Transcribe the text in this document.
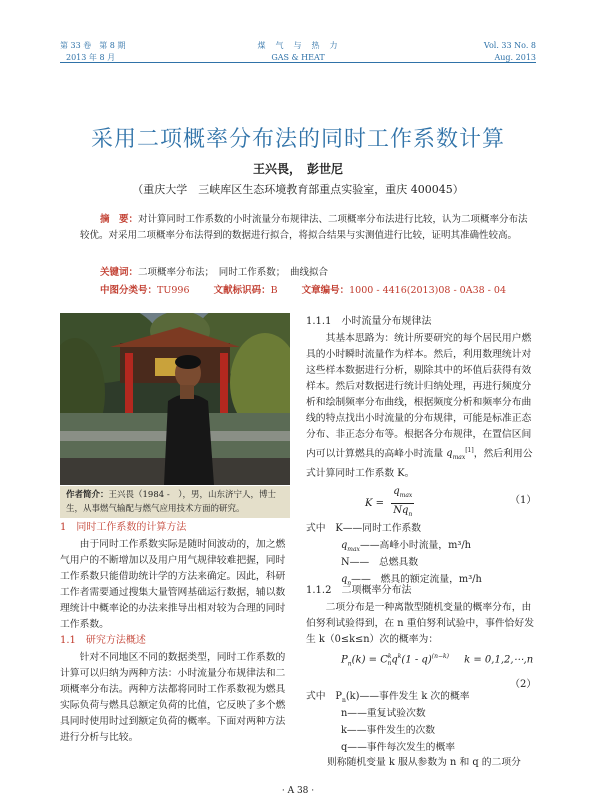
第 33 卷　第 8 期
2013 年 8 月
煤　气　与　热　力
GAS & HEAT
Vol. 33 No. 8
Aug. 2013
采用二项概率分布法的同时工作系数计算
王兴畏，　彭世尼
（重庆大学　三峡库区生态环境教育部重点实验室，重庆 400045）
摘　要：对计算同时工作系数的小时流量分布规律法、二项概率分布法进行比较，认为二项概率分布法较优。对采用二项概率分布法得到的数据进行拟合，将拟合结果与实测值进行比较，证明其准确性较高。
关键词：二项概率分布法；　同时工作系数；　曲线拟合
中图分类号：TU996	文献标识码：B	文章编号：1000 - 4416(2013)08 - 0A38 - 04
作者简介：王兴畏（1984 -　），男，山东济宁人，博士生，从事燃气输配与燃气应用技术方面的研究。
1　同时工作系数的计算方法

由于同时工作系数实际是随时间波动的，加之燃气用户的不断增加以及用户用气规律较难把握，同时工作系数只能借助统计学的方法来确定。因此，科研工作者需要通过搜集大量管网基础运行数据，辅以数理统计中概率论的办法来推导出相对较为合理的同时工作系数。

1.1　研究方法概述

针对不同地区不同的数据类型，同时工作系数的计算可以归纳为两种方法：小时流量分布规律法和二项概率分布法。两种方法都将同时工作系数视为燃具实际负荷与燃具总额定负荷的比值，它反映了多个燃具同时使用时过到额定负荷的概率。下面对两种方法进行分析与比较。

1.1.1　小时流量分布规律法

其基本思路为：统计所要研究的每个居民用户燃具的小时瞬时流量作为样本。然后，利用数理统计对这些样本数据进行分析，剔除其中的坏值后获得有效样本。然后对数据进行统计归纳处理，再进行频度分析和绘制频率分布曲线，根据频度分析和频率分布曲线的特点找出小时流量的分布规律，可能是标准正态分布、非正态分布等。根据各分布规律，在置信区间内可以计算燃具的高峰小时流量 $q_{max}[1]$，然后利用公式计算同时工作系数 K。

K =
$q_{max}$
$Nq_n$
（1）
式中　K——同时工作系数
$q_{max}——$高峰小时流量，m³/h
N——　总燃具数
$q_n——$　燃具的额定流量，m³/h
1.1.2　二项概率分布法

二项分布是一种离散型随机变量的概率分布，由伯努利试验得到，在 n 重伯努利试验中，事件恰好发生 k（0≤k≤n）次的概率为：

$P_n(k) = C^k_nq^k(1 - q)^{(n-k)}$ k = 0,1,2,⋯,n
（2）
式中　$P_n(k)——$事件发生 k 次的概率
n——重复试验次数
k——事件发生的次数
q——事件每次发生的概率
则称随机变量 k 服从参数为 n 和 q 的二项分
· A 38 ·
